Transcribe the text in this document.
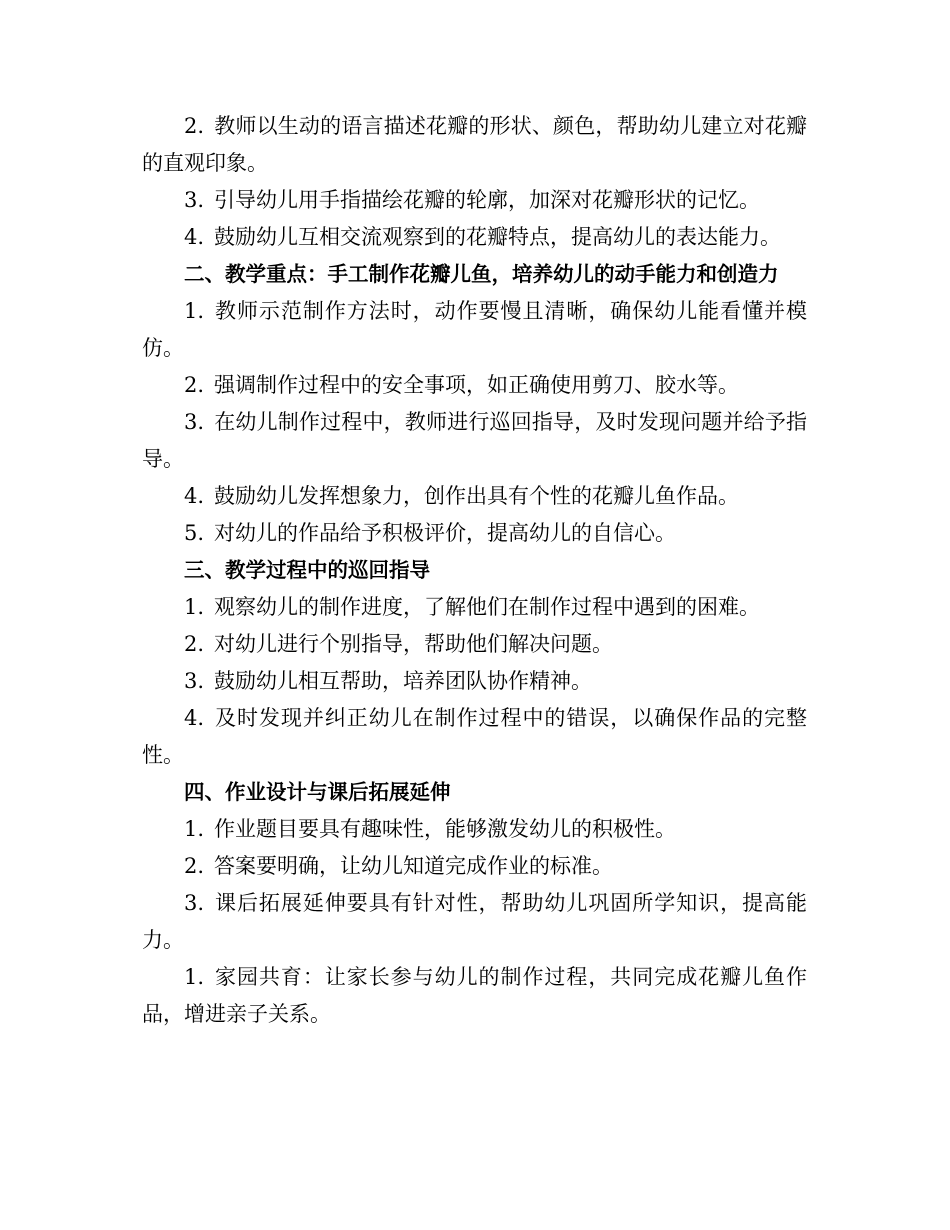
2. 教师以生动的语言描述花瓣的形状、颜色，帮助幼儿建立对花瓣的直观印象。

3. 引导幼儿用手指描绘花瓣的轮廓，加深对花瓣形状的记忆。

4. 鼓励幼儿互相交流观察到的花瓣特点，提高幼儿的表达能力。

二、教学重点：手工制作花瓣儿鱼，培养幼儿的动手能力和创造力

1. 教师示范制作方法时，动作要慢且清晰，确保幼儿能看懂并模仿。

2. 强调制作过程中的安全事项，如正确使用剪刀、胶水等。

3. 在幼儿制作过程中，教师进行巡回指导，及时发现问题并给予指导。

4. 鼓励幼儿发挥想象力，创作出具有个性的花瓣儿鱼作品。

5. 对幼儿的作品给予积极评价，提高幼儿的自信心。

三、教学过程中的巡回指导

1. 观察幼儿的制作进度，了解他们在制作过程中遇到的困难。

2. 对幼儿进行个别指导，帮助他们解决问题。

3. 鼓励幼儿相互帮助，培养团队协作精神。

4. 及时发现并纠正幼儿在制作过程中的错误，以确保作品的完整性。

四、作业设计与课后拓展延伸

1. 作业题目要具有趣味性，能够激发幼儿的积极性。

2. 答案要明确，让幼儿知道完成作业的标准。

3. 课后拓展延伸要具有针对性，帮助幼儿巩固所学知识，提高能力。

1. 家园共育：让家长参与幼儿的制作过程，共同完成花瓣儿鱼作品，增进亲子关系。
